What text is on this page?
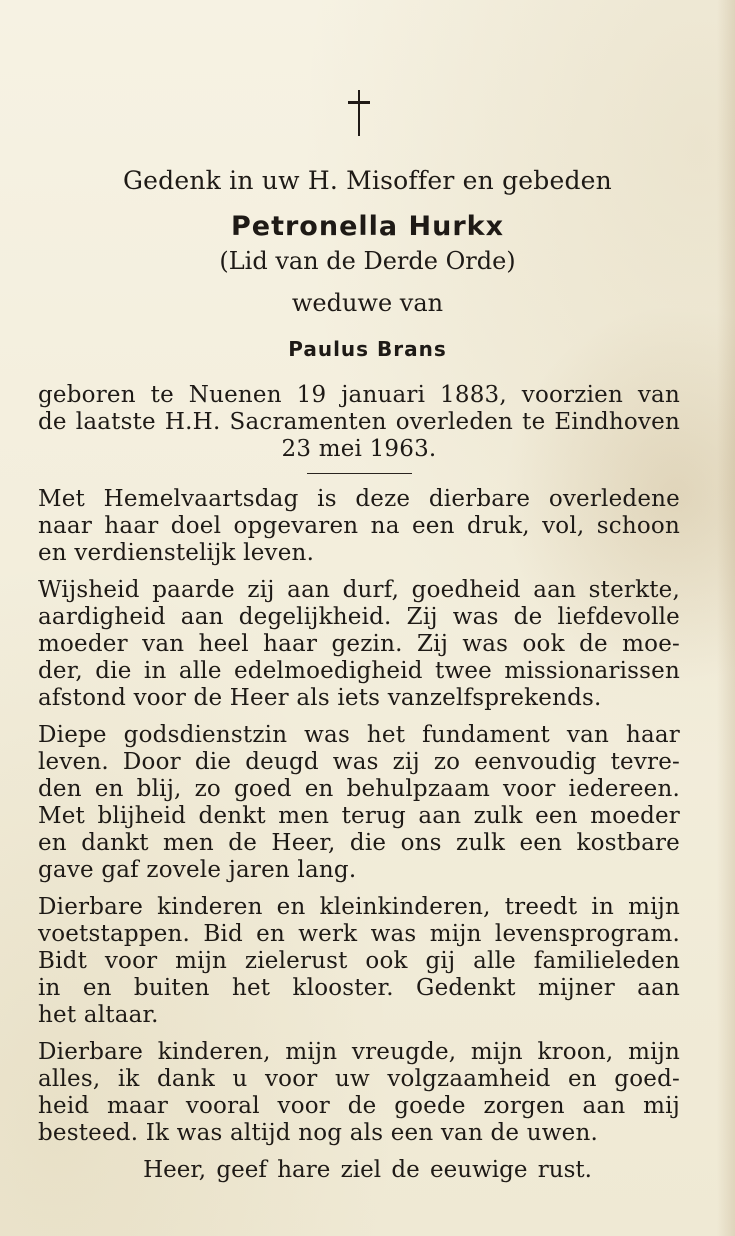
Gedenk in uw H. Misoffer en gebeden
Petronella Hurkx
(Lid van de Derde Orde)
weduwe van
Paulus Brans
geboren te Nuenen 19 januari 1883, voorzien van
de laatste H.H. Sacramenten overleden te Eindhoven
23 mei 1963.

Met Hemelvaartsdag is deze dierbare overledene
naar haar doel opgevaren na een druk, vol, schoon
en verdienstelijk leven.

Wijsheid paarde zij aan durf, goedheid aan sterkte,
aardigheid aan degelijkheid. Zij was de liefdevolle
moeder van heel haar gezin. Zij was ook de moe-
der, die in alle edelmoedigheid twee missionarissen
afstond voor de Heer als iets vanzelfsprekends.

Diepe godsdienstzin was het fundament van haar
leven. Door die deugd was zij zo eenvoudig tevre-
den en blij, zo goed en behulpzaam voor iedereen.
Met blijheid denkt men terug aan zulk een moeder
en dankt men de Heer, die ons zulk een kostbare
gave gaf zovele jaren lang.

Dierbare kinderen en kleinkinderen, treedt in mijn
voetstappen. Bid en werk was mijn levensprogram.
Bidt voor mijn zielerust ook gij alle familieleden
in en buiten het klooster. Gedenkt mijner aan
het altaar.

Dierbare kinderen, mijn vreugde, mijn kroon, mijn
alles, ik dank u voor uw volgzaamheid en goed-
heid maar vooral voor de goede zorgen aan mij
besteed. Ik was altijd nog als een van de uwen.

Heer, geef hare ziel de eeuwige rust.
